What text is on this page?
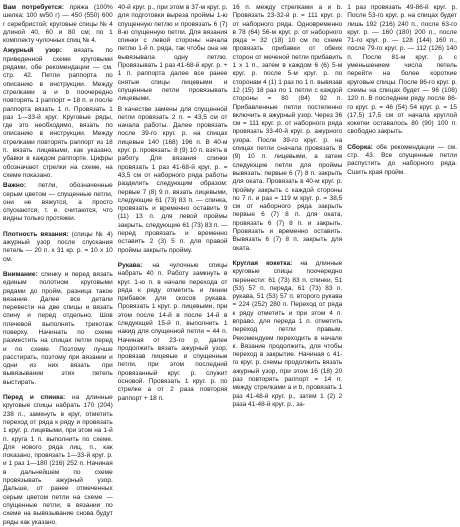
Вам потребуется: пряжа (100% шелка; 100 м/50 г) — 450 (550) 600 г серебристой; круговые спицы № 4 длиной 40, 60 и 80 см; по 1 комплекту чулочных спиц № 4.

Ажурный узор: вязать по приведенной схеме круговыми рядами, обе рекомендации — см. стр. 42. Петли раппорта по описанию в инструкции. Между стрелками а и b поочередно повторять 1 раппорт = 18 п. и после раппорта вязать 1 п. Провязать 1 раз 1—33-й круг. Круговые ряды, где это необходимо, вязать по описанию в инструкции. Между стрелками повторять раппорт из 18 п. вязать лицевыми, как указано, убавки в каждом раппорте. Цифры обозначают стрелки на схеме, на схеме показано.

Важно: петли, обозначенные серым цветом — спущенные петли, они не вяжутся, а просто спускаются, т. е. считаются, что видны только протяжки.

Плотность вязания: (спицы № 4) ажурный узор после спускания петель — 20 п. x 31 кр. р. = 10 x 10 см.

Внимание: спинку и перед вязать единым полотном круговыми рядами до пройм, разница такое вязание. Далее все детали перевести на две спицы и вязать спину и перед отдельно. Шов плечевой выполнять трикотаж поверху. Начинать по схеме разместить на спицах петли перед и по схеме. Поэтому лучше расстирать, поэтому при вязании и одни из них вязать при вывязывании этих петель выстирать.

Перед и спинка: на длинные круговые спицы набрать 170 (204) 238 п., замкнуть в круг, отметить переход от ряда к ряду и провязать 1 круг. р. лицевыми, при этом на 1-й п. круга 1 п. выполнить по схеме. Для нового ряда лиц. п., как показано, провязать 1—33-й круг. р. и 1 раз 1—180 (216) 252 п. Начиная в дальнейшем по схеме провязывать ажурный узор. Дальше, от ранее отмеченных серым цветом петли на схеме — спущенные петли, в вязании по схеме на вывязывание снова будут ряды как указано.

40-й круг. р., при этом в 37-м круг. р. для подготовки выреза проймы 1-ю спущенную петлю и провязать 6 (7) 8-ю спущенную петли. Для вязания спинки с левой стороны начала петлю 1-й п. ряда, так чтобы она не вывязывала одну петлю. Провязывать 1 раз 41-68-й круг. р. + 1 п. раппорта далее все ранее снятые спицы лицевыми и спущенные петли провязывать лицевыми.

В качестве замены для спущенной петли провязать 2 п. = 43,5 см от начала работы. Далее провязать после 39-го круг. р. на спицах лицевые 140 (168) 196 п. В 40-м круг. р. провязать: 8 (9) 10 п. взять в работу. Для вязания спинки провязать 1 раз 41-68-й круг. р. = 43,5 см от наборного ряда работы разделить следующим образом: первые 7 (8) 9 п. вязать лицевыми, следующие 61 (73) 83 п. — спинка, провязать и временно оставить 9 (11) 13 п. для левой проймы закрыть, следующие 61 (73) 83 п. — перед провязать и временно оставить 2 (3) 5 п. для правой проймы закрыть пройму.

Рукава: на чулочные спицы набрать 40 п. Работу замкнуть в круг. 1-ю п. в начале перехода от ряда к ряду отметить и линии прибавок для скосов рукава. Провязать 1 круг. р. лицевыми, при этом после 14-й в после 14-й в следующей 15-й п. выполнить 1 накид для спущенной петли = 44 п. Начиная от 23-го р. далее продолжить вязать ажурный узор, провязав лицевые и спущенные петли, при этом последний провязанный круг. р. служит основой. Провязать 1 круг. р. по стрелке а от 2 раза повторяя раппорт + 18 п.

16 п. между стрелками а и b. Провязать 23-32-й р. = 111 круг. р. от наборного ряда. Одновременно в 78 (64) 56-м круг. р. от наборного ряда = 32 (18) 10 см по схеме провязать прибавки от обеих сторон от меченой петли прибавить 1 x 1 п., затем в каждом 6 (6) 5-м круг. р. после 5-м круг. р. по сторонам 4 (1) 1 раз по 1 п. вывязав 12 (15) 18 раз по 1 петли с каждой стороны = 80 (84) 92 п. Прибавленные петли постепенно включить в ажурный узор. Через 36 см = 111 круг. р. от наборного ряда провязать 33-40-й круг. р. ажурного узора. После 39-го круг. р. на спицах петли сначала провязать 8 (9) 10 п. лицевыми, а затем следующие петли для проймы вывязать: первые 6 (7) 8 п. закрыть для окатa. Провязать в 40-м круг. р. пройму закрыть с каждой стороны по 7 п. и раз = 119 м круг. р. = 38,5 см от наборного ряда закрыть первые 6 (7) 8 п. для окатa, провязать 6 (7) 8 п. и закрыть. Провязать и временно оставить. Вывязать 6 (7) 8 п. закрыть для оката.

Круглая кокетка: на длинные круговые спицы поочередно перенести: 61 (73) 83 п. спинки, 51 (53) 57 п. переда, 61 (73) 83 п. рукава, 51 (53) 57 п. второго рукава = 224 (252) 280 п. Переход от ряда к ряду отметить и при этом 4 п. вправо, для переда 1 п. отметить переход петли правым. Рекомендуем переходить в начале к. Вязание продолжить, для чтобы переход в закрытие. Начиная с 41-го круг. р. схемы продолжить вязать ажурный узор, при этом 16 (18) 20 раз повторять раппорт = 14 п. между стрелками а и b, провязать 1 раз 41-48-й круг. р., затем 1 (2) 2 раза 41-48-й круг. р., за-

1 раз провязать 49-86-й круг. р. После 53-го круг. р. на спицах будет лишь 192 (216) 240 п., после 63-го круг. р. — 160 (180) 200 п., после 71-го круг. р. — 128 (144) 160 п., после 79-го круг. р. — 112 (126) 140 п. После 81-м круг. р. с уменьшением числа петель перейти на более короткие круговые спицы. После 86-го круг. р. схемы на спицах будет — 96 (108) 120 п. В последнем ряду после 86-го круг. р. = 46 (54) 54 круг. р. = 15 (17,5) 17,5 см от начала круглой кокетки оставалось 80 (90) 100 п. свободно закрыть.

Сборка: обе рекомендации — см. стр. 43. Все спущенные петли распустить до наборного ряда. Сшить края пройм.
